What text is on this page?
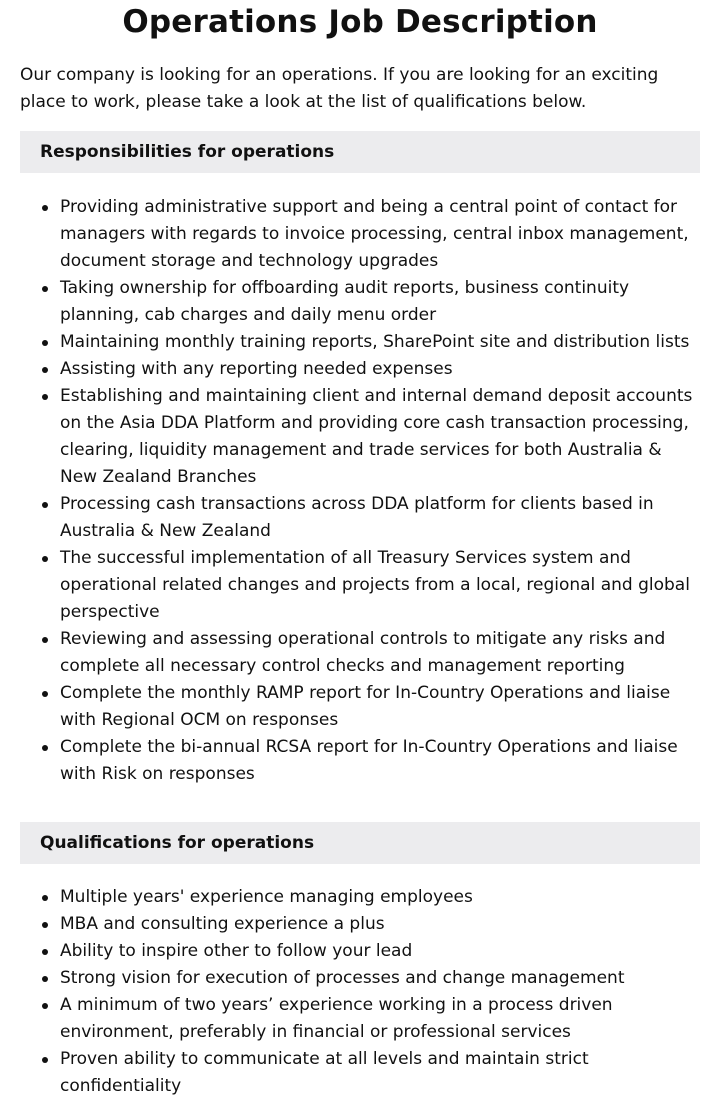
Operations Job Description

Our company is looking for an operations. If you are looking for an exciting place to work, please take a look at the list of qualifications below.

Responsibilities for operations
Providing administrative support and being a central point of contact for managers with regards to invoice processing, central inbox management, document storage and technology upgrades
Taking ownership for offboarding audit reports, business continuity planning, cab charges and daily menu order
Maintaining monthly training reports, SharePoint site and distribution lists
Assisting with any reporting needed expenses
Establishing and maintaining client and internal demand deposit accounts on the Asia DDA Platform and providing core cash transaction processing, clearing, liquidity management and trade services for both Australia & New Zealand Branches
Processing cash transactions across DDA platform for clients based in Australia & New Zealand
The successful implementation of all Treasury Services system and operational related changes and projects from a local, regional and global perspective
Reviewing and assessing operational controls to mitigate any risks and complete all necessary control checks and management reporting
Complete the monthly RAMP report for In-Country Operations and liaise with Regional OCM on responses
Complete the bi-annual RCSA report for In-Country Operations and liaise with Risk on responses
Qualifications for operations
Multiple years' experience managing employees
MBA and consulting experience a plus
Ability to inspire other to follow your lead
Strong vision for execution of processes and change management
A minimum of two years’ experience working in a process driven environment, preferably in financial or professional services
Proven ability to communicate at all levels and maintain strict confidentiality
